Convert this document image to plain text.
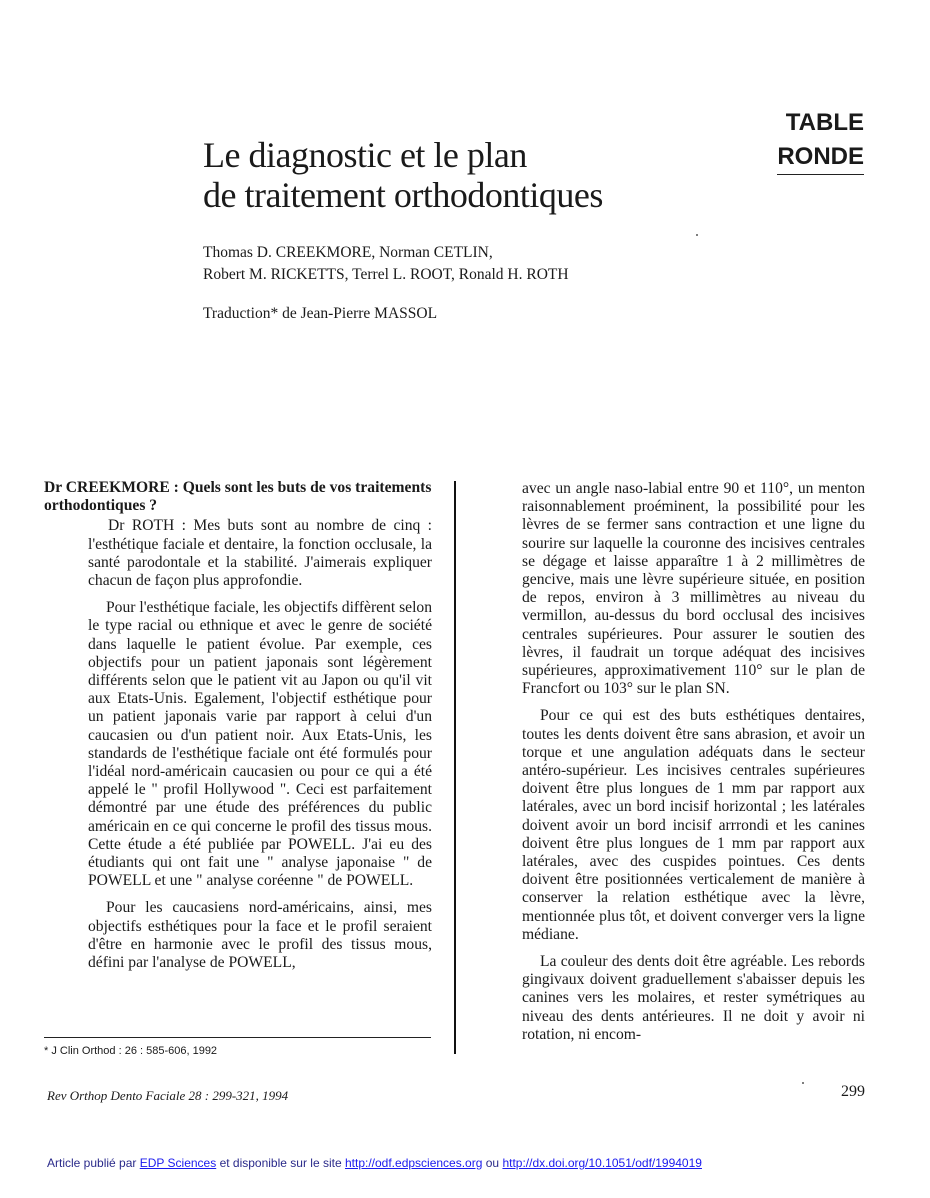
TABLE
RONDE
Le diagnostic et le plan
de traitement orthodontiques
Thomas D. CREEKMORE, Norman CETLIN,
Robert M. RICKETTS, Terrel L. ROOT, Ronald H. ROTH
Traduction* de Jean-Pierre MASSOL
Dr CREEKMORE : Quels sont les buts de vos traitements orthodontiques ?

Dr ROTH : Mes buts sont au nombre de cinq : l'esthétique faciale et dentaire, la fonction occlusale, la santé parodontale et la stabilité. J'aimerais expliquer chacun de façon plus approfondie.

Pour l'esthétique faciale, les objectifs diffèrent selon le type racial ou ethnique et avec le genre de société dans laquelle le patient évolue. Par exemple, ces objectifs pour un patient japonais sont légèrement différents selon que le patient vit au Japon ou qu'il vit aux Etats-Unis. Egalement, l'objectif esthétique pour un patient japonais varie par rapport à celui d'un caucasien ou d'un patient noir. Aux Etats-Unis, les standards de l'esthétique faciale ont été formulés pour l'idéal nord-américain caucasien ou pour ce qui a été appelé le " profil Hollywood ". Ceci est parfaitement démontré par une étude des préférences du public américain en ce qui concerne le profil des tissus mous. Cette étude a été publiée par POWELL. J'ai eu des étudiants qui ont fait une " analyse japonaise " de POWELL et une " analyse coréenne " de POWELL.

Pour les caucasiens nord-américains, ainsi, mes objectifs esthétiques pour la face et le profil seraient d'être en harmonie avec le profil des tissus mous, défini par l'analyse de POWELL,

avec un angle naso-labial entre 90 et 110°, un menton raisonnablement proéminent, la possibilité pour les lèvres de se fermer sans contraction et une ligne du sourire sur laquelle la couronne des incisives centrales se dégage et laisse apparaître 1 à 2 millimètres de gencive, mais une lèvre supérieure située, en position de repos, environ à 3 millimètres au niveau du vermillon, au-dessus du bord occlusal des incisives centrales supérieures. Pour assurer le soutien des lèvres, il faudrait un torque adéquat des incisives supérieures, approximativement 110° sur le plan de Francfort ou 103° sur le plan SN.

Pour ce qui est des buts esthétiques dentaires, toutes les dents doivent être sans abrasion, et avoir un torque et une angulation adéquats dans le secteur antéro-supérieur. Les incisives centrales supérieures doivent être plus longues de 1 mm par rapport aux latérales, avec un bord incisif horizontal ; les latérales doivent avoir un bord incisif arrrondi et les canines doivent être plus longues de 1 mm par rapport aux latérales, avec des cuspides pointues. Ces dents doivent être positionnées verticalement de manière à conserver la relation esthétique avec la lèvre, mentionnée plus tôt, et doivent converger vers la ligne médiane.

La couleur des dents doit être agréable. Les rebords gingivaux doivent graduellement s'abaisser depuis les canines vers les molaires, et rester symétriques au niveau des dents antérieures. Il ne doit y avoir ni rotation, ni encom-

* J Clin Orthod : 26 : 585-606, 1992
Rev Orthop Dento Faciale 28 : 299-321, 1994	299
Article publié par EDP Sciences et disponible sur le site http://odf.edpsciences.org ou http://dx.doi.org/10.1051/odf/1994019
